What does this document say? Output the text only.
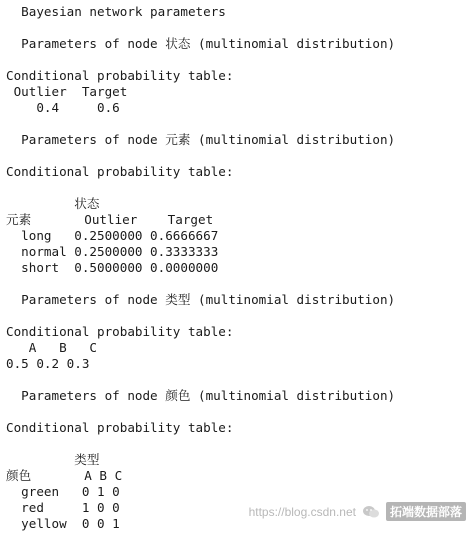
Bayesian network parameters
Parameters of node 状态 (multinomial distribution)
Conditional probability table:
Outlier  Target
0.4     0.6
Parameters of node 元素 (multinomial distribution)
Conditional probability table:
状态
元素       Outlier    Target
long   0.2500000 0.6666667
normal 0.2500000 0.3333333
short  0.5000000 0.0000000
Parameters of node 类型 (multinomial distribution)
Conditional probability table:
A   B   C
0.5 0.2 0.3
Parameters of node 颜色 (multinomial distribution)
Conditional probability table:
类型
颜色       A B C
green   0 1 0
red     1 0 0
yellow  0 0 1
https://blog.csdn.net	拓端数据部落
